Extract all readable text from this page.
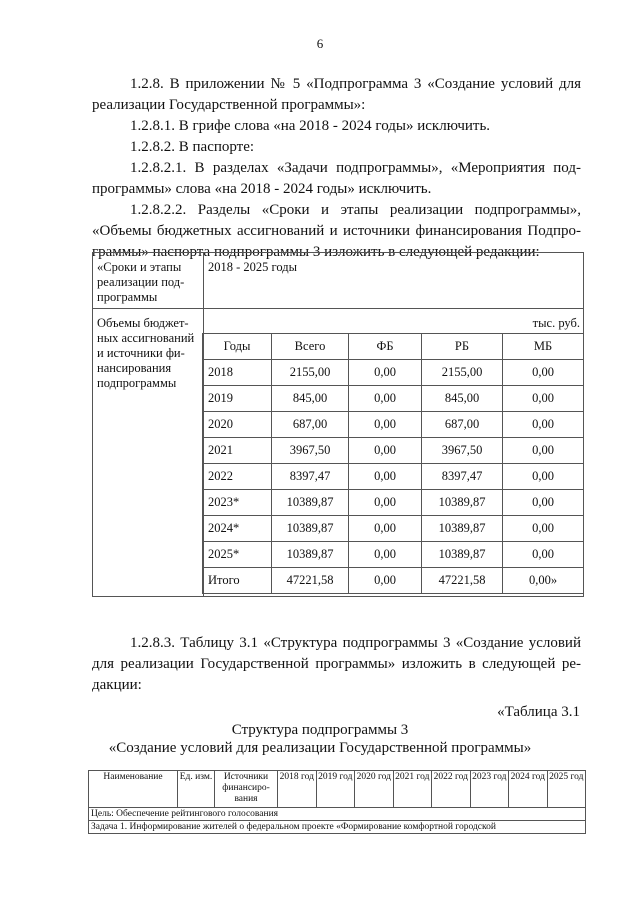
6
1.2.8. В приложении № 5 «Подпрограмма 3 «Создание условий для
реализации Государственной программы»:
1.2.8.1. В грифе слова «на 2018 - 2024 годы» исключить.
1.2.8.2. В паспорте:
1.2.8.2.1. В разделах «Задачи подпрограммы», «Мероприятия под-
программы» слова «на 2018 - 2024 годы» исключить.
1.2.8.2.2. Разделы «Сроки и этапы реализации подпрограммы»,
«Объемы бюджетных ассигнований и источники финансирования Подпро-
граммы» паспорта подпрограммы 3 изложить в следующей редакции:
«Сроки и этапы реализации под-программы	2018 - 2025 годы
Объемы бюджет-ных ассигнований и источники фи-нансирования подпрограммы	
тыс. руб.
Годы	Всего	ФБ	РБ	МБ
2018	2155,00	0,00	2155,00	0,00
2019	845,00	0,00	845,00	0,00
2020	687,00	0,00	687,00	0,00
2021	3967,50	0,00	3967,50	0,00
2022	8397,47	0,00	8397,47	0,00
2023*	10389,87	0,00	10389,87	0,00
2024*	10389,87	0,00	10389,87	0,00
2025*	10389,87	0,00	10389,87	0,00
Итого	47221,58	0,00	47221,58	0,00»
1.2.8.3. Таблицу 3.1 «Структура подпрограммы 3 «Создание условий
для реализации Государственной программы» изложить в следующей ре-
дакции:
«Таблица 3.1
Структура подпрограммы 3
«Создание условий для реализации Государственной программы»
Наименование	Ед. изм.	Источники финансиро-вания	2018 год	2019 год	2020 год	2021 год	2022 год	2023 год	2024 год	2025 год
Цель: Обеспечение рейтингового голосования
Задача 1. Информирование жителей о федеральном проекте «Формирование комфортной городской
